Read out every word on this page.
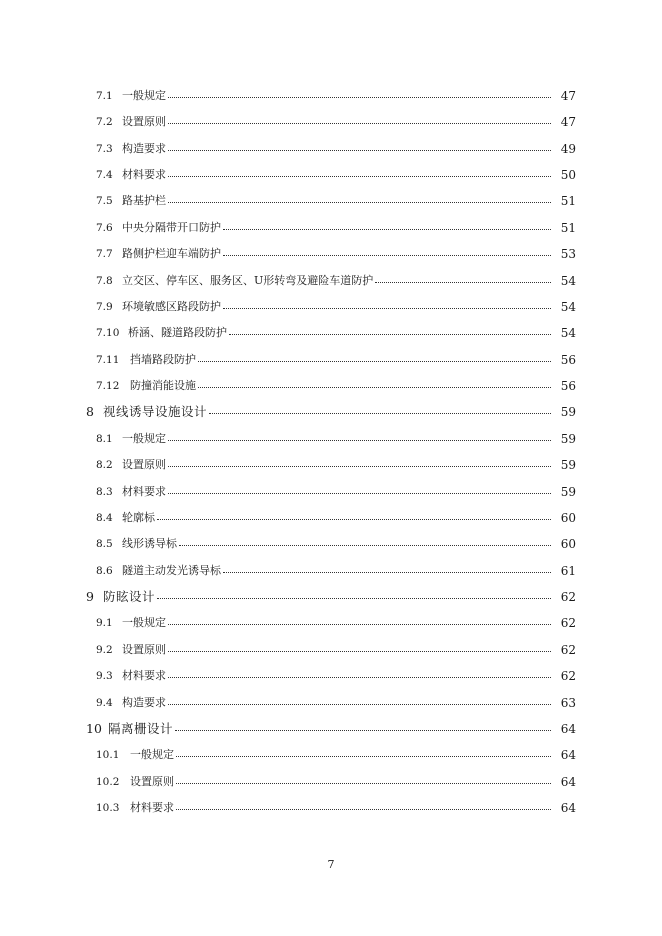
7.1 一般规定	47
7.2 设置原则	47
7.3 构造要求	49
7.4 材料要求	50
7.5 路基护栏	51
7.6 中央分隔带开口防护	51
7.7 路侧护栏迎车端防护	53
7.8 立交区、停车区、服务区、U形转弯及避险车道防护	54
7.9 环境敏感区路段防护	54
7.10 桥涵、隧道路段防护	54
7.11 挡墙路段防护	56
7.12 防撞消能设施	56
8 视线诱导设施设计	59
8.1 一般规定	59
8.2 设置原则	59
8.3 材料要求	59
8.4 轮廓标	60
8.5 线形诱导标	60
8.6 隧道主动发光诱导标	61
9 防眩设计	62
9.1 一般规定	62
9.2 设置原则	62
9.3 材料要求	62
9.4 构造要求	63
10 隔离栅设计	64
10.1 一般规定	64
10.2 设置原则	64
10.3 材料要求	64
7
